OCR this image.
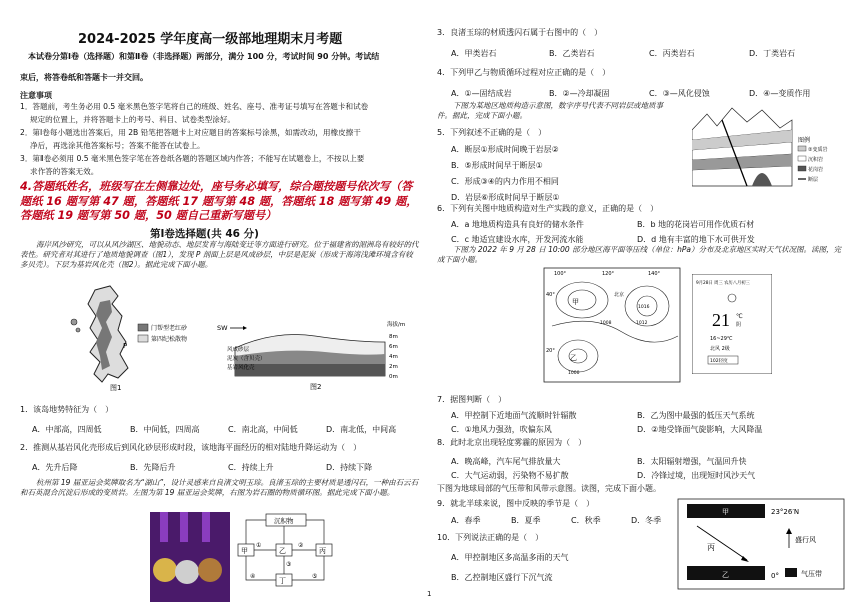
2024-2025 学年度高一级部地理期末月考题
本试卷分第Ⅰ卷（选择题）和第Ⅱ卷（非选择题）两部分，满分 100 分，考试时间 90 分钟。考试结
束后，将答卷纸和答题卡一并交回。
注意事项
1．答题前，考生务必用 0.5 毫米黑色签字笔将自己的班级、姓名、座号、准考证号填写在答题卡和试卷
规定的位置上，并将答题卡上的考号、科目、试卷类型涂好。
2．第Ⅰ卷每小题选出答案后，用 2B 铅笔把答题卡上对应题目的答案标号涂黑，如需改动，用橡皮擦干
净后，再选涂其他答案标号；答案不能答在试卷上。
3．第Ⅱ卷必须用 0.5 毫米黑色签字笔在答卷纸各题的答题区域内作答；不能写在试题卷上，不按以上要
求作答的答案无效。
4.答题纸姓名，班级写在左侧靠边处，座号务必填写，综合题按题号依次写（答题纸 16 题写第 47 题，答题纸 17 题写第 48 题，答题纸 18 题写第 49 题，答题纸 19 题写第 50 题，50 题自己重新写题号）
第Ⅰ卷选择题(共 46 分)
海岸风沙研究，可以从风沙湖区、地貌动态、地层发育与海陆变迁等方面进行研究。位于福建省的湄洲岛有较好的代表性。研究者对其进行了地质地貌调查（图1），发现 P 剖面上层是风成砂层，中层是泥炭（形成于海湾浅滩环境含有较多贝壳）。下层为基岩风化壳（图2）。据此完成下面小题。
门帮型老红砂
第四纪松散物
P
图1
SW
风成砂层
泥炭（含贝壳）
基岩风化壳
海拔/m
8m
6m
4m
2m
0m
图2
1．该岛地势特征为（　）
A．中部高，四周低	B．中间低，四周高	C．南北高，中间低	D．南北低，中间高
2．推测从基岩风化壳形成后到风化砂层形成时段，该地海平面经历的相对陆地升降运动为（　）
A．先升后降	B．先降后升	C．持续上升	D．持续下降
杭州第 19 届亚运会奖牌取名为“湖山”，设计灵感来自良渚文明玉琮。良渚玉琮的主要材质是透闪石，一种由石云石和石英混合沉淀后形成的变质岩。左图为第 19 届亚运会奖牌，右图为岩石圈的物质循环图。据此完成下面小题。
沉积物
甲	乙	丙
丁
①	②
③
④	⑤
3．良渚玉琮的材质透闪石属于右图中的（　）
A．甲类岩石	B．乙类岩石	C．丙类岩石	D．丁类岩石
4．下列甲乙与物质循环过程对应正确的是（　）
A．①—固结成岩	B．②—冷却凝固	C．③—风化侵蚀	D．④—变质作用
下图为某地区地质构造示意图，数字序号代表不同岩层或地质事件。据此，完成下面小题。
图例
②变质岩
沉积岩
花岗岩
断层
5．下列叙述不正确的是（　）
A．断层①形成时间晚于岩层②
B．⑤形成时间早于断层①
C．形成③④的内力作用不相同
D．岩层⑥形成时间早于断层①
6．下列有关图中地质构造对生产实践的意义，正确的是（　）
A．a 地地质构造具有良好的储水条件	B．b 地的花岗岩可用作优质石材
C．c 地适宜建设水库，开发河流水能	D．d 地有丰富的地下水可供开发
下图为 2022 年 9 月 28 日 10:00 部分地区海平面等压线（单位：hPa）分布及北京地区实时天气状况图。读图，完成下面小题。
100°	120°	140°
40°
20°
甲
乙
北京
1008	1012
1016
1000
9月28日 周三 农历八月初三
21 ℃
阴
16~29℃
北风 2级
102轻度
7．据图判断（　）
A．甲控制下近地面气流顺时针辐散	B．乙为图中最强的低压天气系统
C．①地风力强劲，吹偏东风	D．②地受锋面气旋影响，大风降温
8．此时北京出现轻度雾霾的原因为（　）
A．晚高峰，汽车尾气排放量大	B．太阳辐射增强，气温回升快
C．大气运动弱，污染物不易扩散	D．冷锋过境，出现短时风沙天气
下图为地球局部的气压带和风带示意图。读图，完成下面小题。
9．就北半球来说，图中反映的季节是（　）
A．春季	B．夏季	C．秋季	D．冬季
10．下列说法正确的是（　）
A．甲控制地区多高温多雨的天气
B．乙控制地区盛行下沉气流
甲	23°26′N
丙
乙	0°
盛行风
气压带
1
